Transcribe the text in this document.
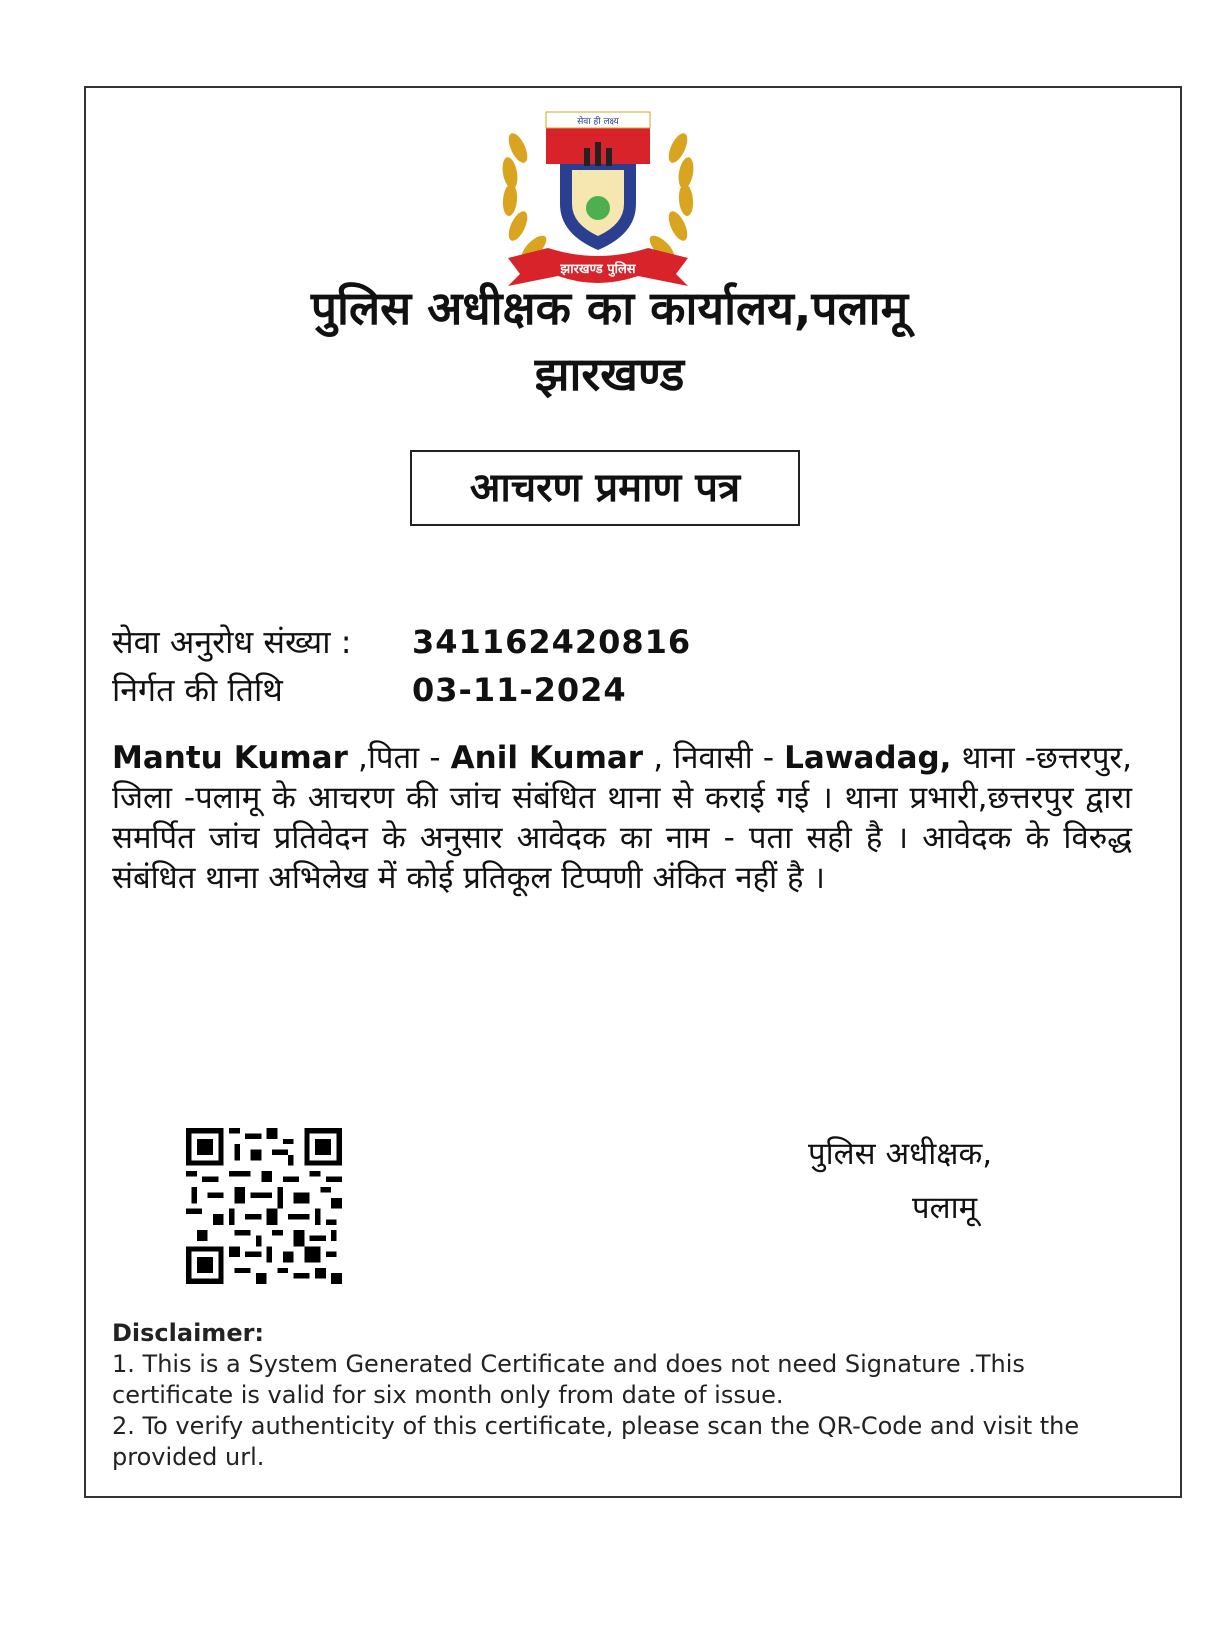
सेवा ही लक्ष्य
झारखण्ड पुलिस
पुलिस अधीक्षक का कार्यालय,पलामू
झारखण्ड
आचरण प्रमाण पत्र
सेवा अनुरोध संख्या : 341162420816
निर्गत की तिथि	03-11-2024
Mantu Kumar ,पिता - Anil Kumar , निवासी - Lawadag, थाना -छत्तरपुर, जिला -पलामू के आचरण की जांच संबंधित थाना से कराई गई । थाना प्रभारी,छत्तरपुर द्वारा समर्पित जांच प्रतिवेदन के अनुसार आवेदक का नाम - पता सही है । आवेदक के विरुद्ध संबंधित थाना अभिलेख में कोई प्रतिकूल टिप्पणी अंकित नहीं है ।
पुलिस अधीक्षक,
पलामू
Disclaimer:
1. This is a System Generated Certificate and does not need Signature .This certificate is valid for six month only from date of issue.
2. To verify authenticity of this certificate, please scan the QR-Code and visit the provided url.
